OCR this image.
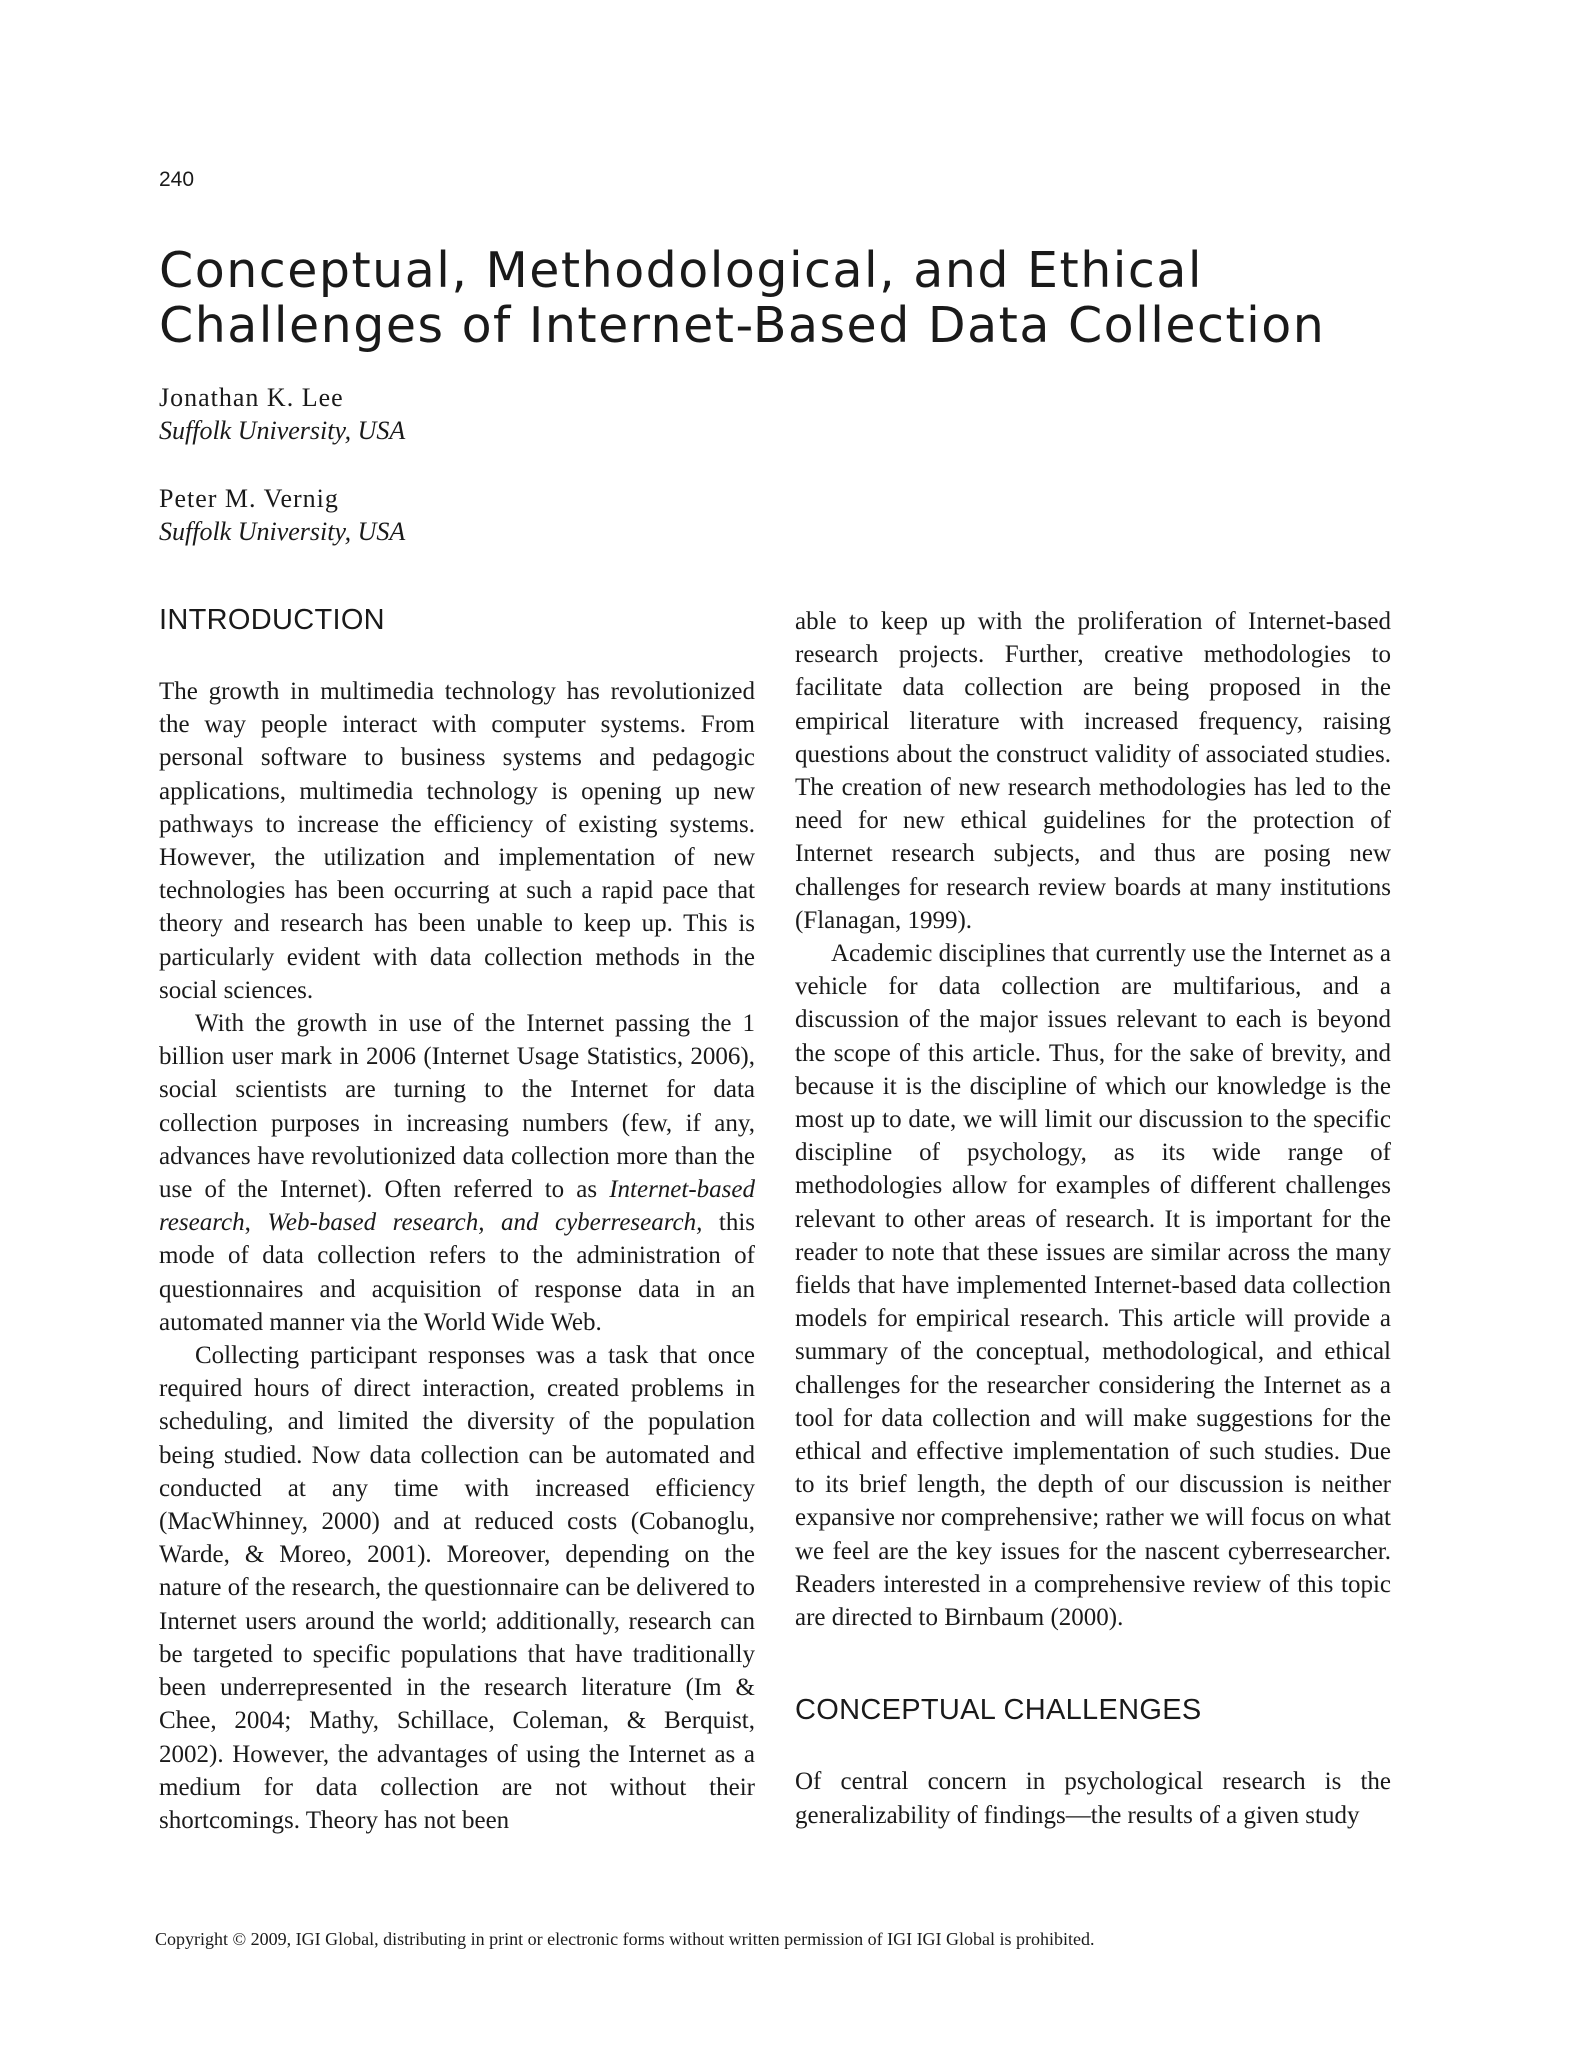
240
Conceptual, Methodological, and Ethical
Challenges of Internet-Based Data Collection
Jonathan K. Lee
Suffolk University, USA
Peter M. Vernig
Suffolk University, USA
INTRODUCTION

The growth in multimedia technology has revolutionized the way people interact with computer systems. From personal software to business systems and pedagogic applications, multimedia technology is opening up new pathways to increase the efficiency of existing systems. However, the utilization and implementation of new technologies has been occurring at such a rapid pace that theory and research has been unable to keep up. This is particularly evident with data collection methods in the social sciences.

With the growth in use of the Internet passing the 1 billion user mark in 2006 (Internet Usage Statistics, 2006), social scientists are turning to the Internet for data collection purposes in increasing numbers (few, if any, advances have revolutionized data collection more than the use of the Internet). Often referred to as Internet-based research, Web-based research, and cyberresearch, this mode of data collection refers to the administration of questionnaires and acquisition of response data in an automated manner via the World Wide Web.

Collecting participant responses was a task that once required hours of direct interaction, created problems in scheduling, and limited the diversity of the population being studied. Now data collection can be automated and conducted at any time with increased efficiency (MacWhinney, 2000) and at reduced costs (Cobanoglu, Warde, & Moreo, 2001). Moreover, depending on the nature of the research, the questionnaire can be delivered to Internet users around the world; additionally, research can be targeted to specific populations that have traditionally been underrepresented in the research literature (Im & Chee, 2004; Mathy, Schillace, Coleman, & Berquist, 2002). However, the advantages of using the Internet as a medium for data collection are not without their shortcomings. Theory has not been

able to keep up with the proliferation of Internet-based research projects. Further, creative methodologies to facilitate data collection are being proposed in the empirical literature with increased frequency, raising questions about the construct validity of associated studies. The creation of new research methodologies has led to the need for new ethical guidelines for the protection of Internet research subjects, and thus are posing new challenges for research review boards at many institutions (Flanagan, 1999).

Academic disciplines that currently use the Internet as a vehicle for data collection are multifarious, and a discussion of the major issues relevant to each is beyond the scope of this article. Thus, for the sake of brevity, and because it is the discipline of which our knowledge is the most up to date, we will limit our discussion to the specific discipline of psychology, as its wide range of methodologies allow for examples of different challenges relevant to other areas of research. It is important for the reader to note that these issues are similar across the many fields that have implemented Internet-based data collection models for empirical research. This article will provide a summary of the conceptual, methodological, and ethical challenges for the researcher considering the Internet as a tool for data collection and will make suggestions for the ethical and effective implementation of such studies. Due to its brief length, the depth of our discussion is neither expansive nor comprehensive; rather we will focus on what we feel are the key issues for the nascent cyberresearcher. Readers interested in a comprehensive review of this topic are directed to Birnbaum (2000).

CONCEPTUAL CHALLENGES

Of central concern in psychological research is the generalizability of findings—the results of a given study

Copyright © 2009, IGI Global, distributing in print or electronic forms without written permission of IGI IGI Global is prohibited.
